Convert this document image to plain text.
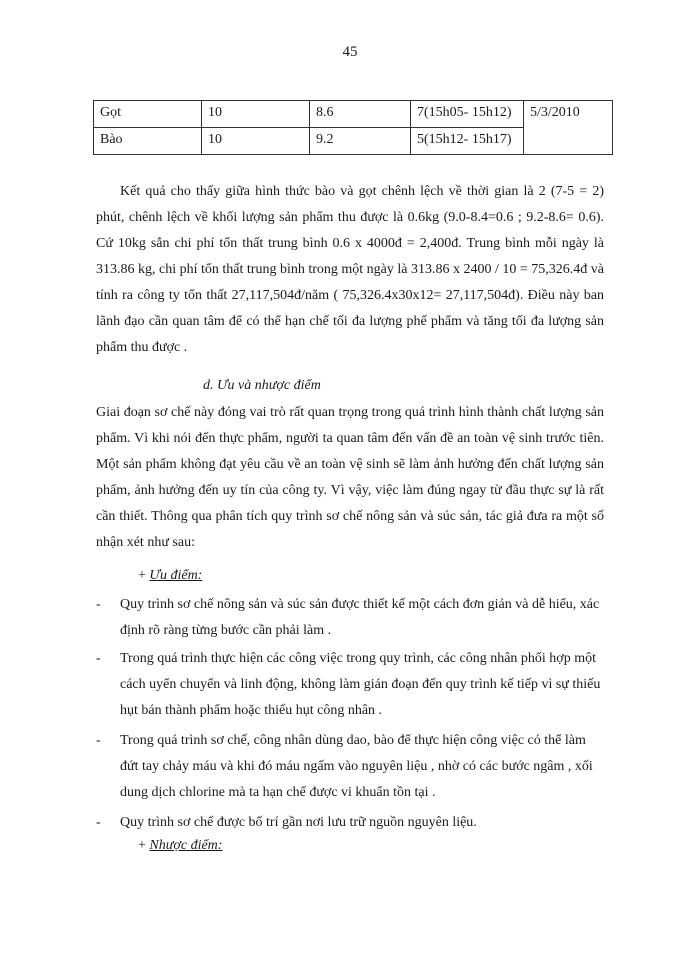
45
Gọt	10	8.6	7(15h05- 15h12)	5/3/2010
Bào	10	9.2	5(15h12- 15h17)	

Kết quả cho thấy giữa hình thức bào và gọt chênh lệch về thời gian là 2 (7-5 = 2) phút, chênh lệch về khối lượng sản phẩm thu được là 0.6kg (9.0-8.4=0.6 ; 9.2-8.6= 0.6). Cứ 10kg sắn chi phí tổn thất trung bình 0.6 x 4000đ = 2,400đ. Trung bình mỗi ngày là 313.86 kg, chi phí tổn thất trung bình trong một ngày là 313.86 x 2400 / 10 = 75,326.4đ và tính ra công ty tổn thất 27,117,504đ/năm ( 75,326.4x30x12= 27,117,504đ). Điều này ban lãnh đạo cần quan tâm để có thể hạn chế tối đa lượng phế phẩm và tăng tối đa lượng sản phẩm thu được .

d. Ưu và nhược điểm

Giai đoạn sơ chế này đóng vai trò rất quan trọng trong quá trình hình thành chất lượng sản phẩm. Vì khi nói đến thực phẩm, người ta quan tâm đến vấn đề an toàn vệ sinh trước tiên. Một sản phẩm không đạt yêu cầu về an toàn vệ sinh sẽ làm ảnh hưởng đến chất lượng sản phẩm, ảnh hưởng đến uy tín của công ty. Vì vậy, việc làm đúng ngay từ đầu thực sự là rất cần thiết. Thông qua phân tích quy trình sơ chế nông sản và súc sản, tác giả đưa ra một số nhận xét như sau:

+ Ưu điểm:
- Quy trình sơ chế nông sản và súc sản được thiết kế một cách đơn giản và dễ hiểu, xác định rõ ràng từng bước cần phải làm .
- Trong quá trình thực hiện các công việc trong quy trình, các công nhân phối hợp một cách uyển chuyển và linh động, không làm gián đoạn đến quy trình kế tiếp vì sự thiếu hụt bán thành phẩm hoặc thiếu hụt công nhân .
- Trong quá trình sơ chế, công nhân dùng dao, bào để thực hiện công việc có thể làm đứt tay chảy máu và khi đó máu ngấm vào nguyên liệu , nhờ có các bước ngâm , xối dung dịch chlorine mà ta hạn chế được vi khuẩn tồn tại .
- Quy trình sơ chế được bố trí gần nơi lưu trữ nguồn nguyên liệu.
+ Nhược điểm:
